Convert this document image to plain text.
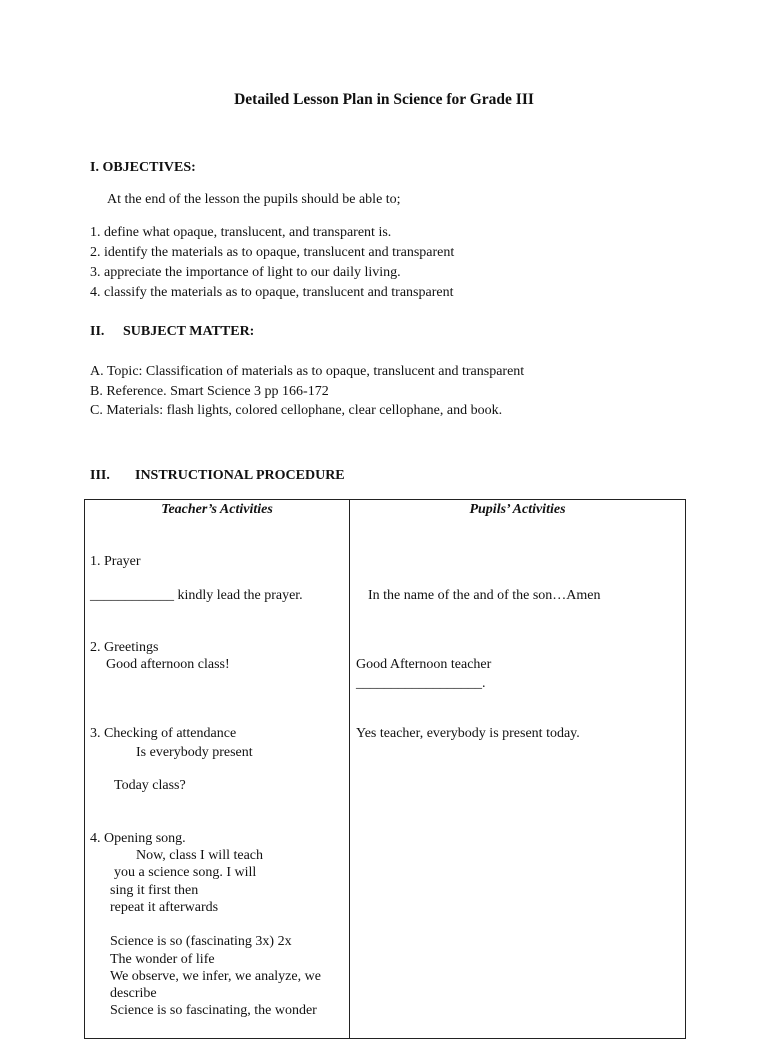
Detailed Lesson Plan in Science for Grade III
I. OBJECTIVES:
At the end of the lesson the pupils should be able to;
1. define what opaque, translucent, and transparent is.
2. identify the materials as to opaque, translucent and transparent
3. appreciate the importance of light to our daily living.
4. classify the materials as to opaque, translucent and transparent
II. SUBJECT MATTER:
A. Topic: Classification of materials as to opaque, translucent and transparent
B. Reference. Smart Science 3 pp 166-172
C. Materials: flash lights, colored cellophane, clear cellophane, and book.
III. INSTRUCTIONAL PROCEDURE
Teacher’s Activities	Pupils’ Activities
1. Prayer
____________ kindly lead the prayer.
2. Greetings
Good afternoon class!
3. Checking of attendance
Is everybody present
Today class?
4. Opening song.
Now, class I will teach
you a science song. I will
sing it first then
repeat it afterwards
Science is so (fascinating 3x) 2x
The wonder of life
We observe, we infer, we analyze, we
describe
Science is so fascinating, the wonder
In the name of the and of the son…Amen
Good Afternoon teacher
__________________.
Yes teacher, everybody is present today.
